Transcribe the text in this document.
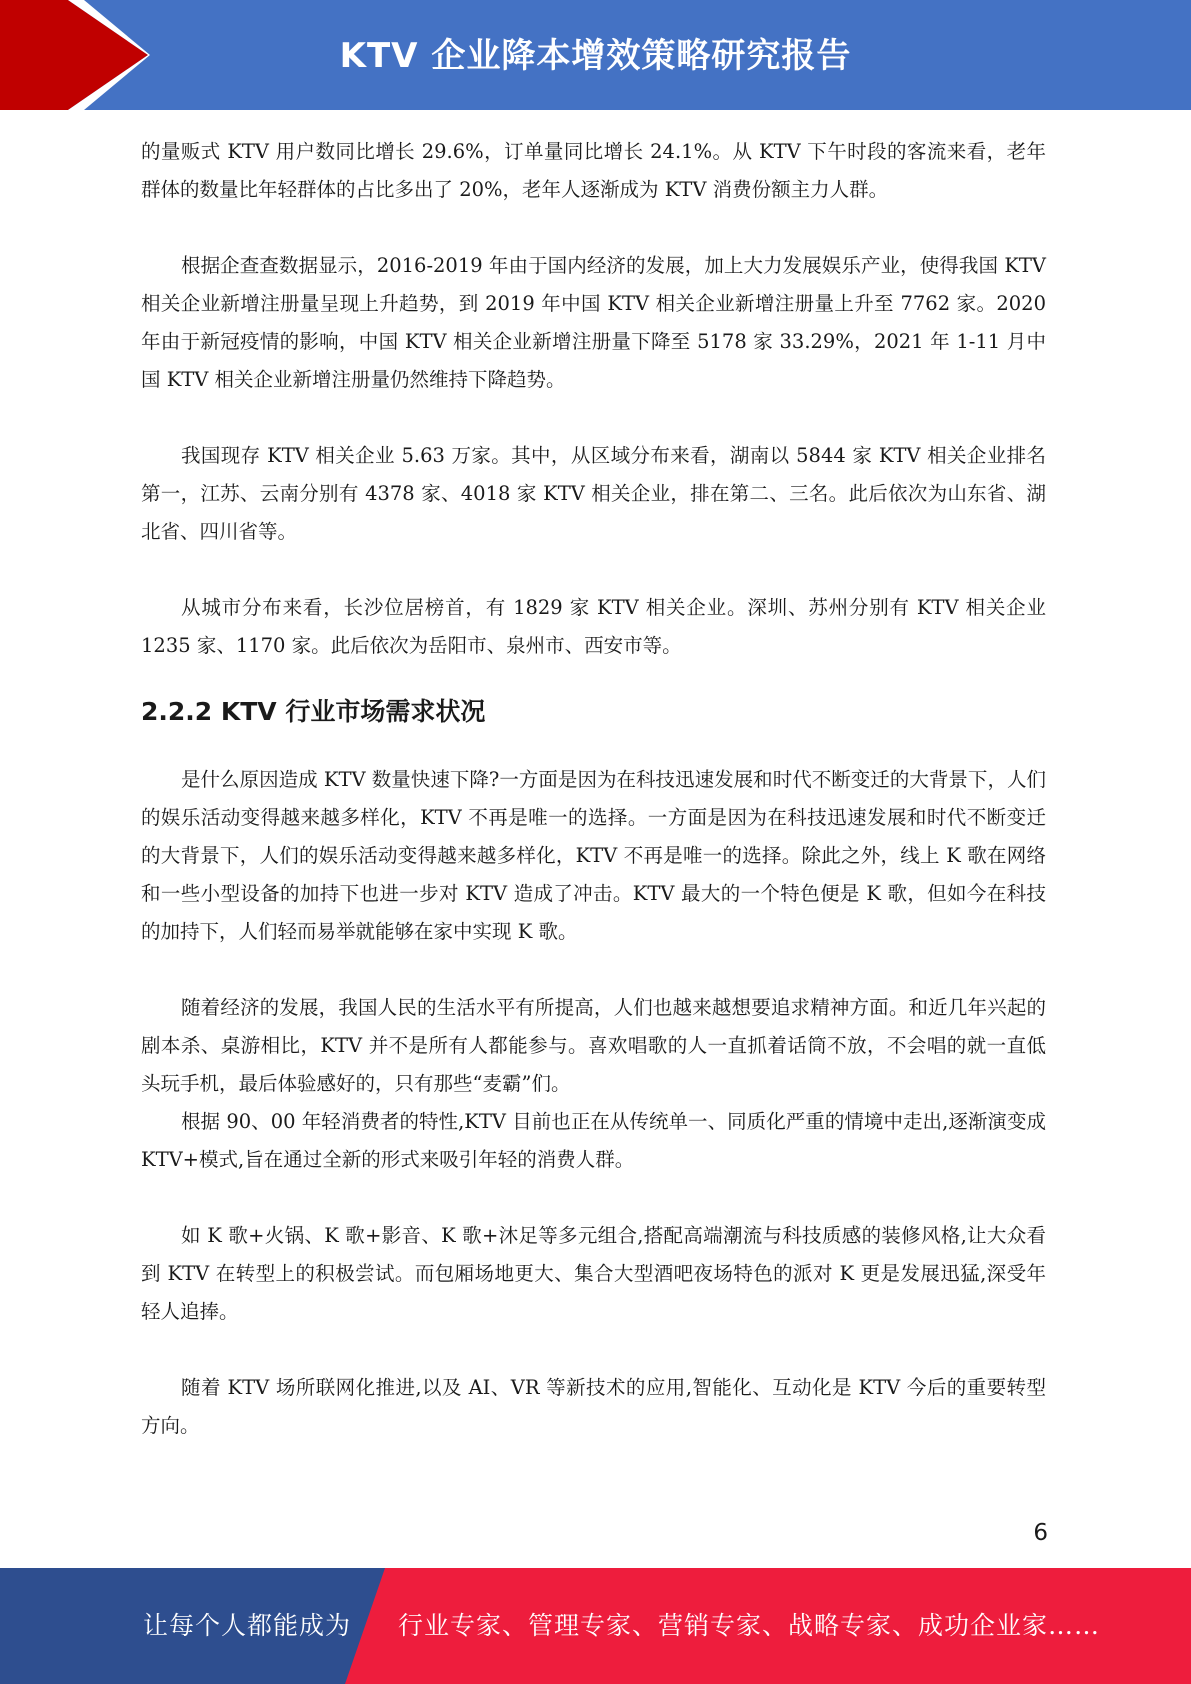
KTV 企业降本增效策略研究报告

的量贩式 KTV 用户数同比增长 29.6%，订单量同比增长 24.1%。从 KTV 下午时段的客流来看，老年群体的数量比年轻群体的占比多出了 20%，老年人逐渐成为 KTV 消费份额主力人群。

根据企查查数据显示，2016-2019 年由于国内经济的发展，加上大力发展娱乐产业，使得我国 KTV 相关企业新增注册量呈现上升趋势，到 2019 年中国 KTV 相关企业新增注册量上升至 7762 家。2020 年由于新冠疫情的影响，中国 KTV 相关企业新增注册量下降至 5178 家 33.29%，2021 年 1-11 月中国 KTV 相关企业新增注册量仍然维持下降趋势。

我国现存 KTV 相关企业 5.63 万家。其中，从区域分布来看，湖南以 5844 家 KTV 相关企业排名第一，江苏、云南分别有 4378 家、4018 家 KTV 相关企业，排在第二、三名。此后依次为山东省、湖北省、四川省等。

从城市分布来看，长沙位居榜首，有 1829 家 KTV 相关企业。深圳、苏州分别有 KTV 相关企业 1235 家、1170 家。此后依次为岳阳市、泉州市、西安市等。

2.2.2 KTV 行业市场需求状况

是什么原因造成 KTV 数量快速下降?一方面是因为在科技迅速发展和时代不断变迁的大背景下，人们的娱乐活动变得越来越多样化，KTV 不再是唯一的选择。一方面是因为在科技迅速发展和时代不断变迁的大背景下，人们的娱乐活动变得越来越多样化，KTV 不再是唯一的选择。除此之外，线上 K 歌在网络和一些小型设备的加持下也进一步对 KTV 造成了冲击。KTV 最大的一个特色便是 K 歌，但如今在科技的加持下，人们轻而易举就能够在家中实现 K 歌。

随着经济的发展，我国人民的生活水平有所提高，人们也越来越想要追求精神方面。和近几年兴起的剧本杀、桌游相比，KTV 并不是所有人都能参与。喜欢唱歌的人一直抓着话筒不放，不会唱的就一直低头玩手机，最后体验感好的，只有那些“麦霸”们。

根据 90、00 年轻消费者的特性,KTV 目前也正在从传统单一、同质化严重的情境中走出,逐渐演变成 KTV+模式,旨在通过全新的形式来吸引年轻的消费人群。

如 K 歌+火锅、K 歌+影音、K 歌+沐足等多元组合,搭配高端潮流与科技质感的装修风格,让大众看到 KTV 在转型上的积极尝试。而包厢场地更大、集合大型酒吧夜场特色的派对 K 更是发展迅猛,深受年轻人追捧。

随着 KTV 场所联网化推进,以及 AI、VR 等新技术的应用,智能化、互动化是 KTV 今后的重要转型方向。

6
让每个人都能成为 行业专家、管理专家、营销专家、战略专家、成功企业家……
